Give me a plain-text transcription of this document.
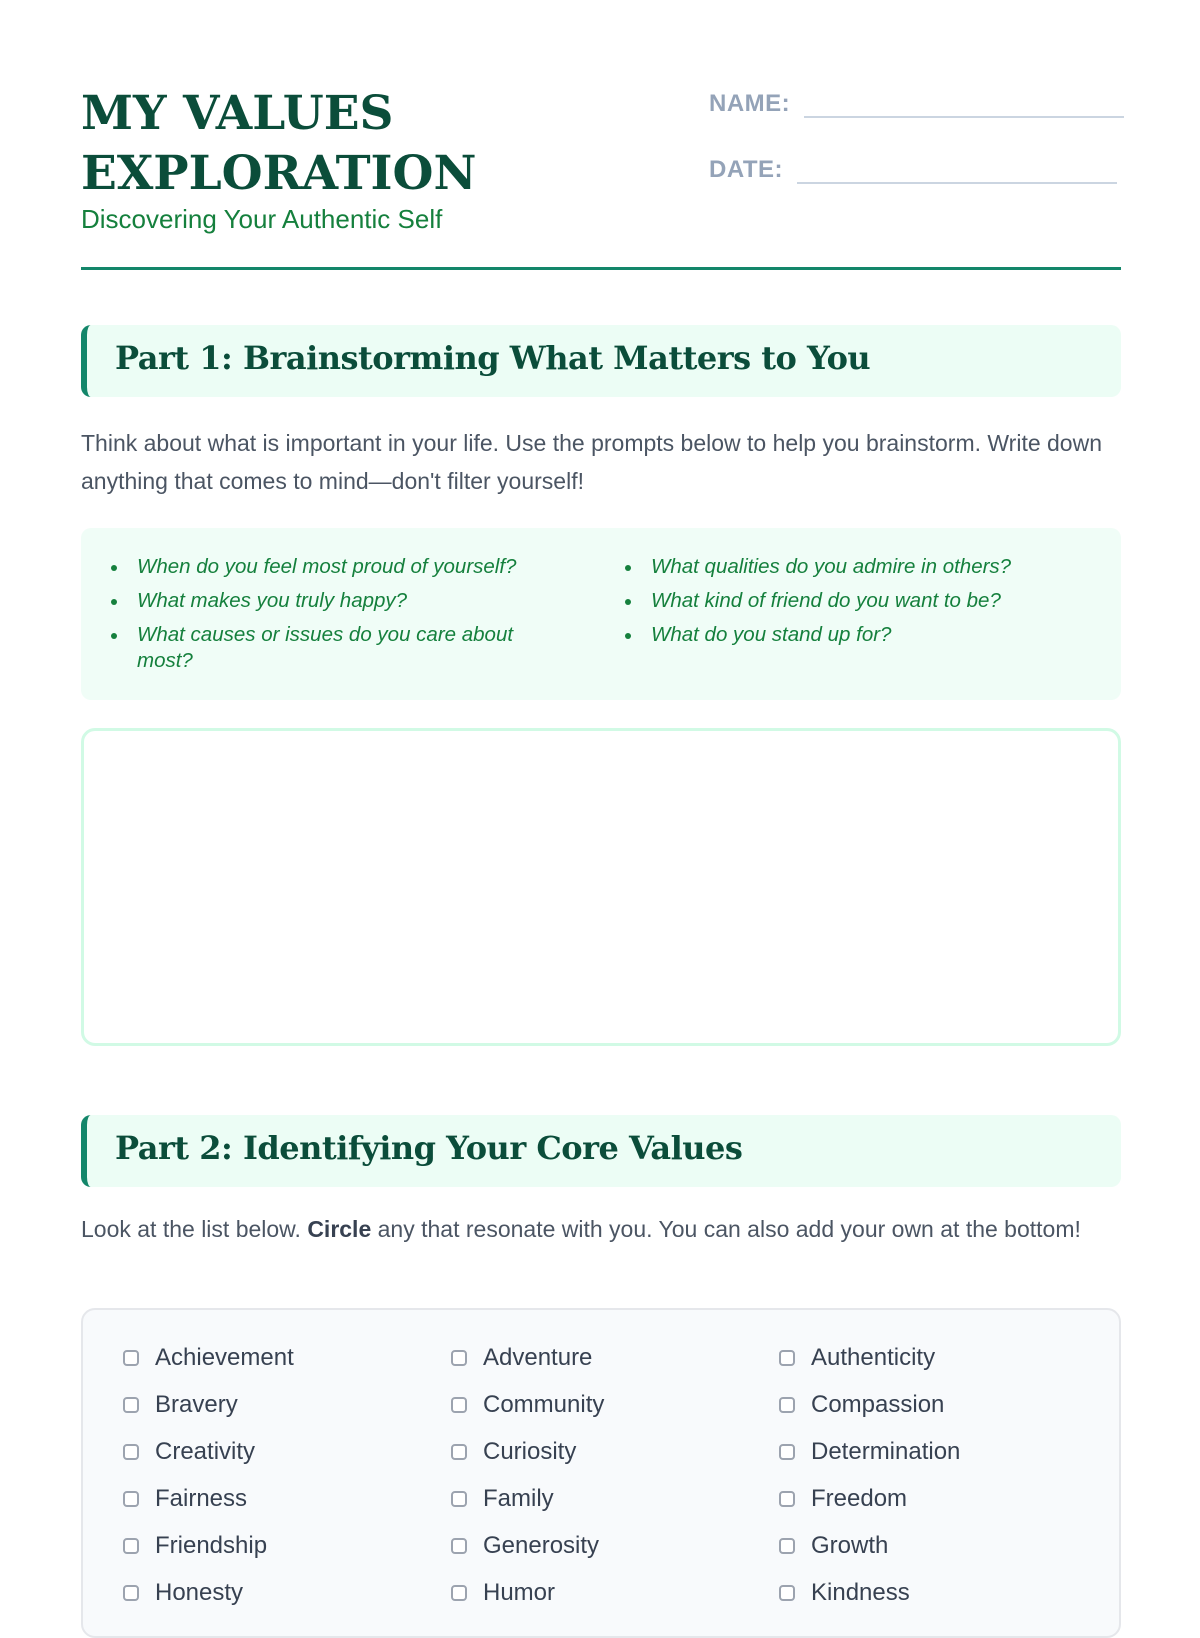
MY VALUES EXPLORATION

Discovering Your Authentic Self

NAME:
DATE:
Part 1: Brainstorming What Matters to You

Think about what is important in your life. Use the prompts below to help you brainstorm. Write down anything that comes to mind—don't filter yourself!

When do you feel most proud of yourself?	What qualities do you admire in others?
What makes you truly happy?	What kind of friend do you want to be?
What causes or issues do you care about most?
What do you stand up for?
Part 2: Identifying Your Core Values

Look at the list below. Circle any that resonate with you. You can also add your own at the bottom!

Achievement	Adventure	Authenticity
Bravery	Community	Compassion
Creativity	Curiosity	Determination
Fairness	Family	Freedom
Friendship	Generosity	Growth
Honesty	Humor	Kindness
